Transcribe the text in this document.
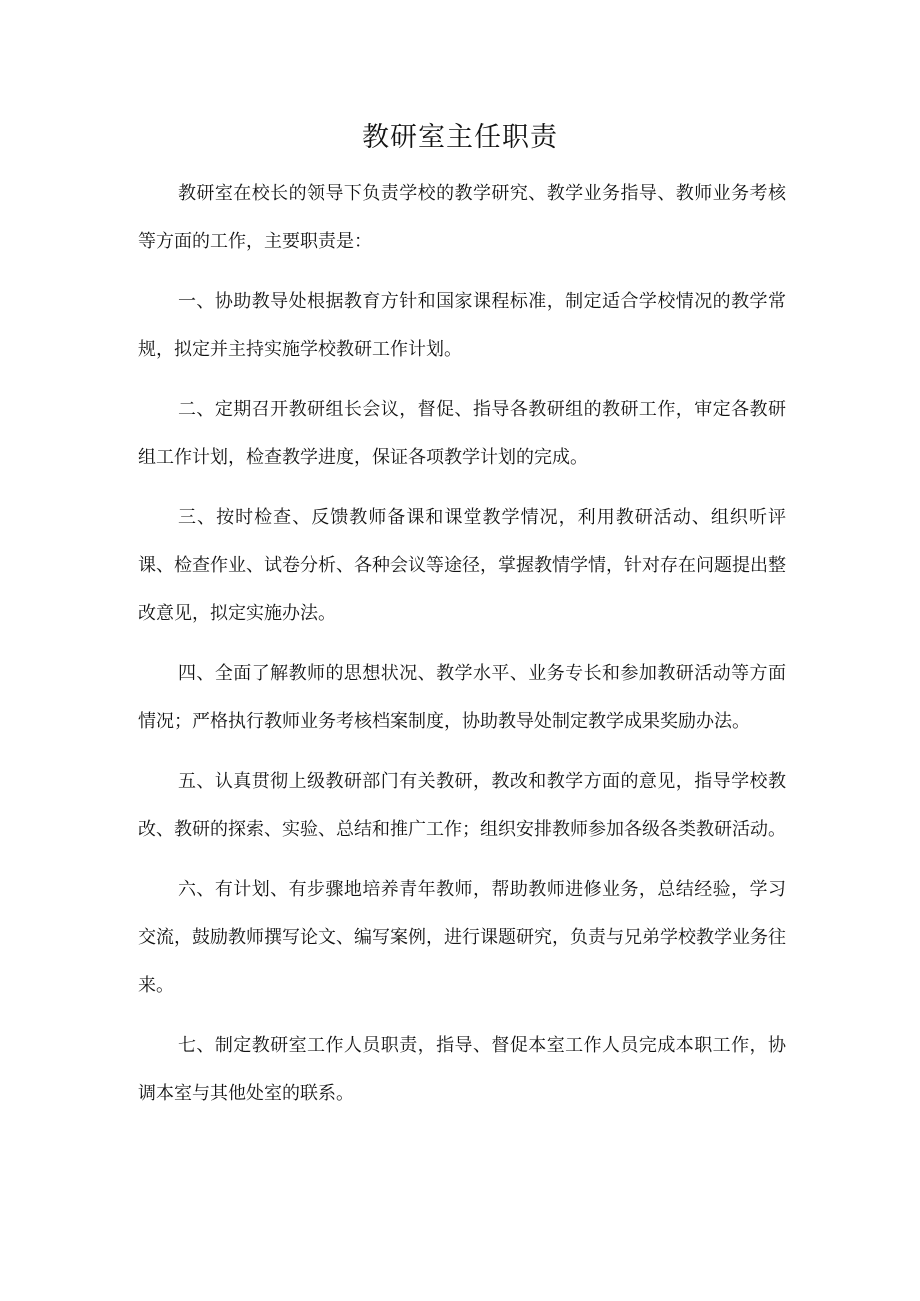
教研室主任职责

教研室在校长的领导下负责学校的教学研究、教学业务指导、教师业务考核等方面的工作，主要职责是：

一、协助教导处根据教育方针和国家课程标准，制定适合学校情况的教学常规，拟定并主持实施学校教研工作计划。

二、定期召开教研组长会议，督促、指导各教研组的教研工作，审定各教研组工作计划，检查教学进度，保证各项教学计划的完成。

三、按时检查、反馈教师备课和课堂教学情况，利用教研活动、组织听评课、检查作业、试卷分析、各种会议等途径，掌握教情学情，针对存在问题提出整改意见，拟定实施办法。

四、全面了解教师的思想状况、教学水平、业务专长和参加教研活动等方面情况；严格执行教师业务考核档案制度，协助教导处制定教学成果奖励办法。

五、认真贯彻上级教研部门有关教研，教改和教学方面的意见，指导学校教改、教研的探索、实验、总结和推广工作；组织安排教师参加各级各类教研活动。

六、有计划、有步骤地培养青年教师，帮助教师进修业务，总结经验，学习交流，鼓励教师撰写论文、编写案例，进行课题研究，负责与兄弟学校教学业务往来。

七、制定教研室工作人员职责，指导、督促本室工作人员完成本职工作，协调本室与其他处室的联系。
